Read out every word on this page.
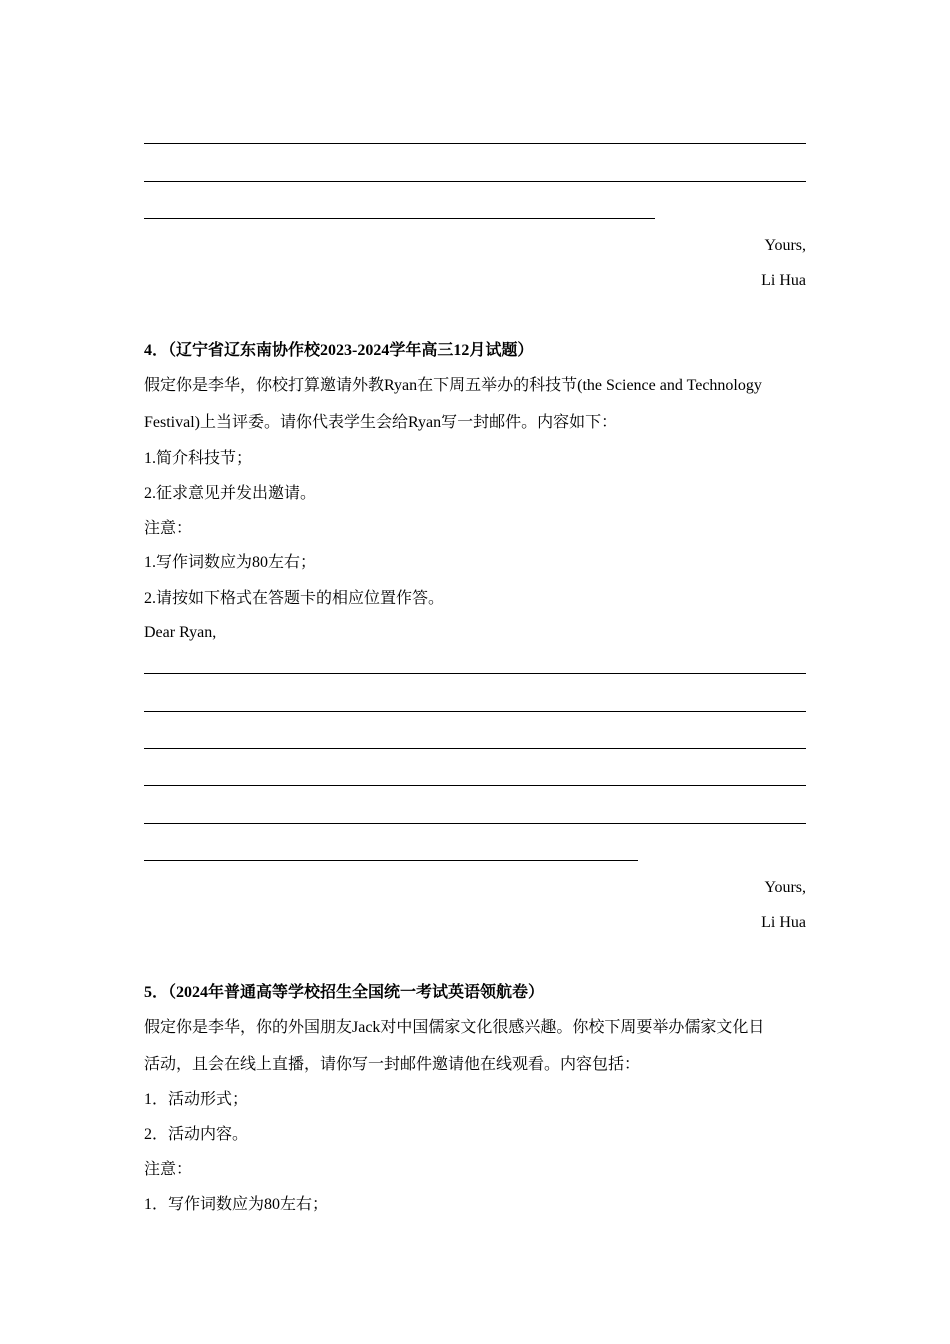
Yours,
Li Hua
4．（辽宁省辽东南协作校2023-2024学年高三12月试题）
假定你是李华，你校打算邀请外教Ryan在下周五举办的科技节(the Science and Technology
Festival)上当评委。请你代表学生会给Ryan写一封邮件。内容如下：
1.简介科技节；
2.征求意见并发出邀请。
注意：
1.写作词数应为80左右；
2.请按如下格式在答题卡的相应位置作答。
Dear Ryan,
Yours,
Li Hua
5．（2024年普通高等学校招生全国统一考试英语领航卷）
假定你是李华，你的外国朋友Jack对中国儒家文化很感兴趣。你校下周要举办儒家文化日
活动，且会在线上直播，请你写一封邮件邀请他在线观看。内容包括：
1．活动形式；
2．活动内容。
注意：
1．写作词数应为80左右；
